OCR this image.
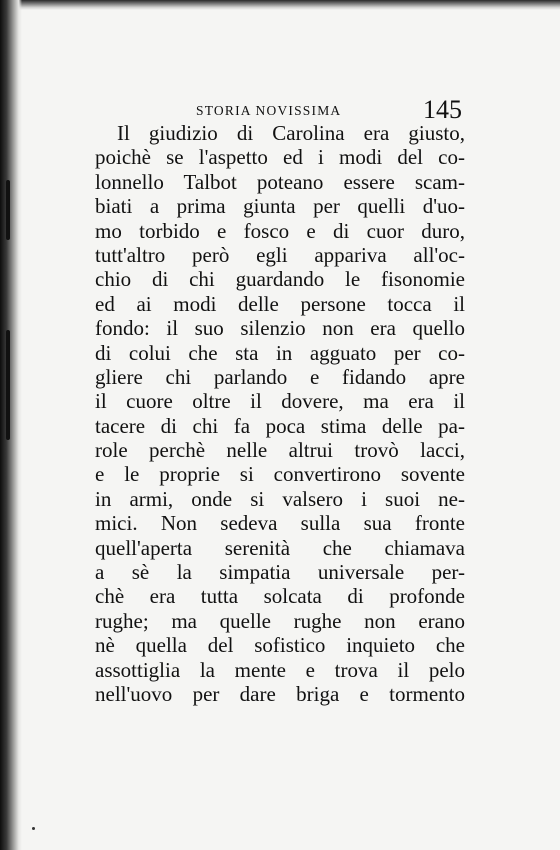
STORIA NOVISSIMA	145
Il giudizio di Carolina era giusto,
poichè se l'aspetto ed i modi del co-
lonnello Talbot poteano essere scam-
biati a prima giunta per quelli d'uo-
mo torbido e fosco e di cuor duro,
tutt'altro però egli appariva all'oc-
chio di chi guardando le fisonomie
ed ai modi delle persone tocca il
fondo: il suo silenzio non era quello
di colui che sta in agguato per co-
gliere chi parlando e fidando apre
il cuore oltre il dovere, ma era il
tacere di chi fa poca stima delle pa-
role perchè nelle altrui trovò lacci,
e le proprie si convertirono sovente
in armi, onde si valsero i suoi ne-
mici. Non sedeva sulla sua fronte
quell'aperta serenità che chiamava
a sè la simpatia universale per-
chè era tutta solcata di profonde
rughe; ma quelle rughe non erano
nè quella del sofistico inquieto che
assottiglia la mente e trova il pelo
nell'uovo per dare briga e tormento
